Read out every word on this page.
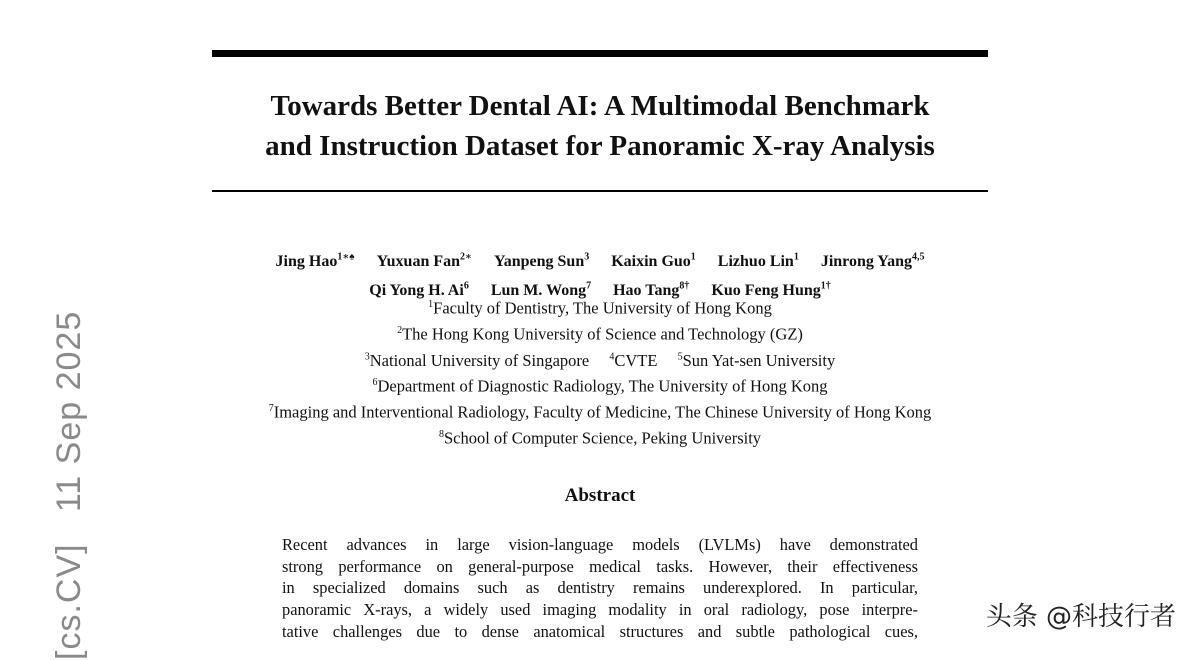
Towards Better Dental AI: A Multimodal Benchmark
and Instruction Dataset for Panoramic X-ray Analysis
Jing Hao$^{1∗♠}$ Yuxuan Fan$^{2∗}$ Yanpeng Sun$^3$ Kaixin Guo$^1$ Lizhuo Lin$^1$ Jinrong Yang$^{4,5}$
Qi Yong H. Ai$^6$ Lun M. Wong$^7$ Hao Tang$^{8\dagger}$ Kuo Feng Hung$^{1\dagger}$
$^1$Faculty of Dentistry, The University of Hong Kong
$^2$The Hong Kong University of Science and Technology (GZ)
$^3$National University of Singapore $^4$CVTE $^5$Sun Yat-sen University
$^6$Department of Diagnostic Radiology, The University of Hong Kong
$^7$Imaging and Interventional Radiology, Faculty of Medicine, The Chinese University of Hong Kong
$^8$School of Computer Science, Peking University
Abstract
Recent advances in large vision-language models (LVLMs) have demonstrated
strong performance on general-purpose medical tasks. However, their effectiveness
in specialized domains such as dentistry remains underexplored. In particular,
panoramic X-rays, a widely used imaging modality in oral radiology, pose interpre-
tative challenges due to dense anatomical structures and subtle pathological cues,
[cs.CV]   11 Sep 2025	头条 @科技行者
